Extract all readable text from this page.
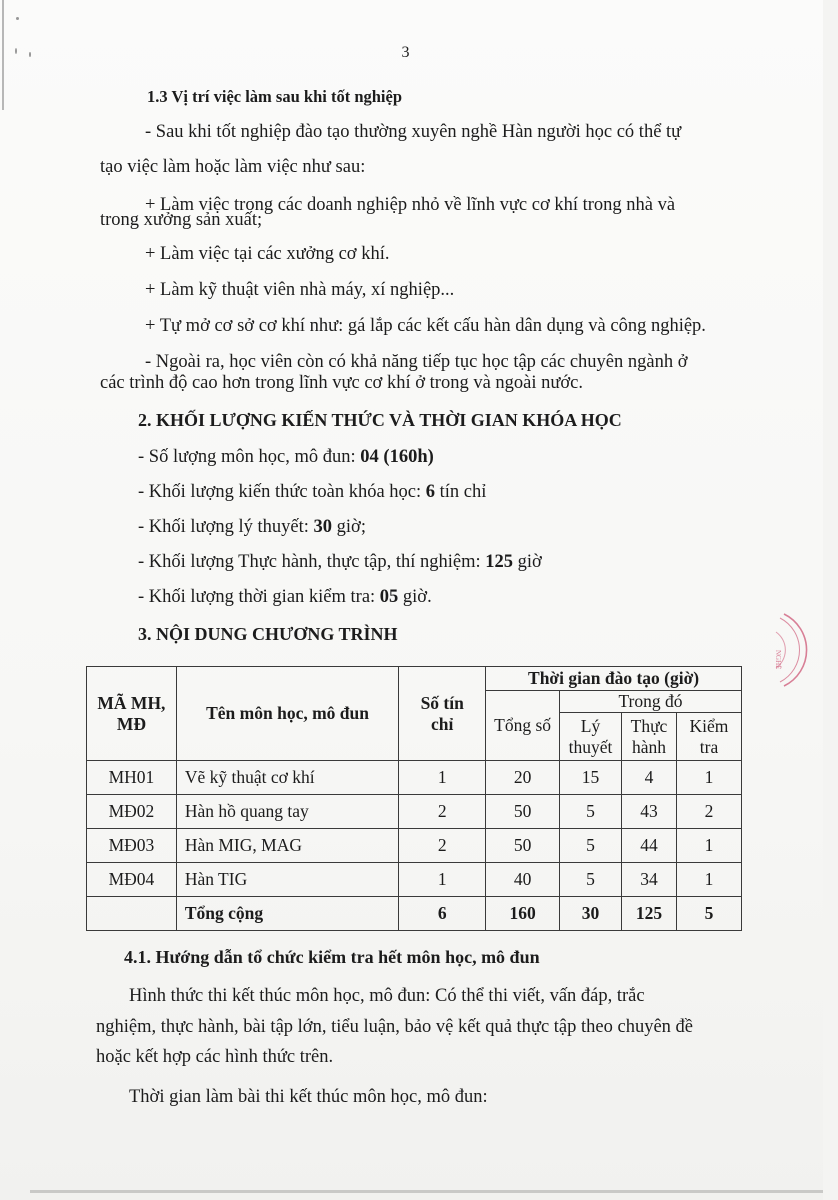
3
1.3 Vị trí việc làm sau khi tốt nghiệp
- Sau khi tốt nghiệp đào tạo thường xuyên nghề Hàn người học có thể tự
tạo việc làm hoặc làm việc như sau:
+ Làm việc trong các doanh nghiệp nhỏ về lĩnh vực cơ khí trong nhà và
trong xưởng sản xuất;
+ Làm việc tại các xưởng cơ khí.
+ Làm kỹ thuật viên nhà máy, xí nghiệp...
+ Tự mở cơ sở cơ khí như: gá lắp các kết cấu hàn dân dụng và công nghiệp.
- Ngoài ra, học viên còn có khả năng tiếp tục học tập các chuyên ngành ở
các trình độ cao hơn trong lĩnh vực cơ khí ở trong và ngoài nước.
2. KHỐI LƯỢNG KIẾN THỨC VÀ THỜI GIAN KHÓA HỌC
- Số lượng môn học, mô đun: 04 (160h)
- Khối lượng kiến thức toàn khóa học: 6 tín chỉ
- Khối lượng lý thuyết: 30 giờ;
- Khối lượng Thực hành, thực tập, thí nghiệm: 125 giờ
- Khối lượng thời gian kiểm tra: 05 giờ.
3. NỘI DUNG CHƯƠNG TRÌNH
MÃ MH, MĐ	Tên môn học, mô đun	Số tín chỉ	Thời gian đào tạo (giờ)			
			Tổng số	Trong đó		
				Lý thuyết	Thực hành	Kiểm tra
MH01	Vẽ kỹ thuật cơ khí	1	20	15	4	1
MĐ02	Hàn hồ quang tay	2	50	5	43	2
MĐ03	Hàn MIG, MAG	2	50	5	44	1
MĐ04	Hàn TIG	1	40	5	34	1
	Tổng cộng	6	160	30	125	5
4.1. Hướng dẫn tổ chức kiểm tra hết môn học, mô đun
Hình thức thi kết thúc môn học, mô đun: Có thể thi viết, vấn đáp, trắc
nghiệm, thực hành, bài tập lớn, tiểu luận, bảo vệ kết quả thực tập theo chuyên đề
hoặc kết hợp các hình thức trên.
Thời gian làm bài thi kết thúc môn học, mô đun:
NGHỀ
